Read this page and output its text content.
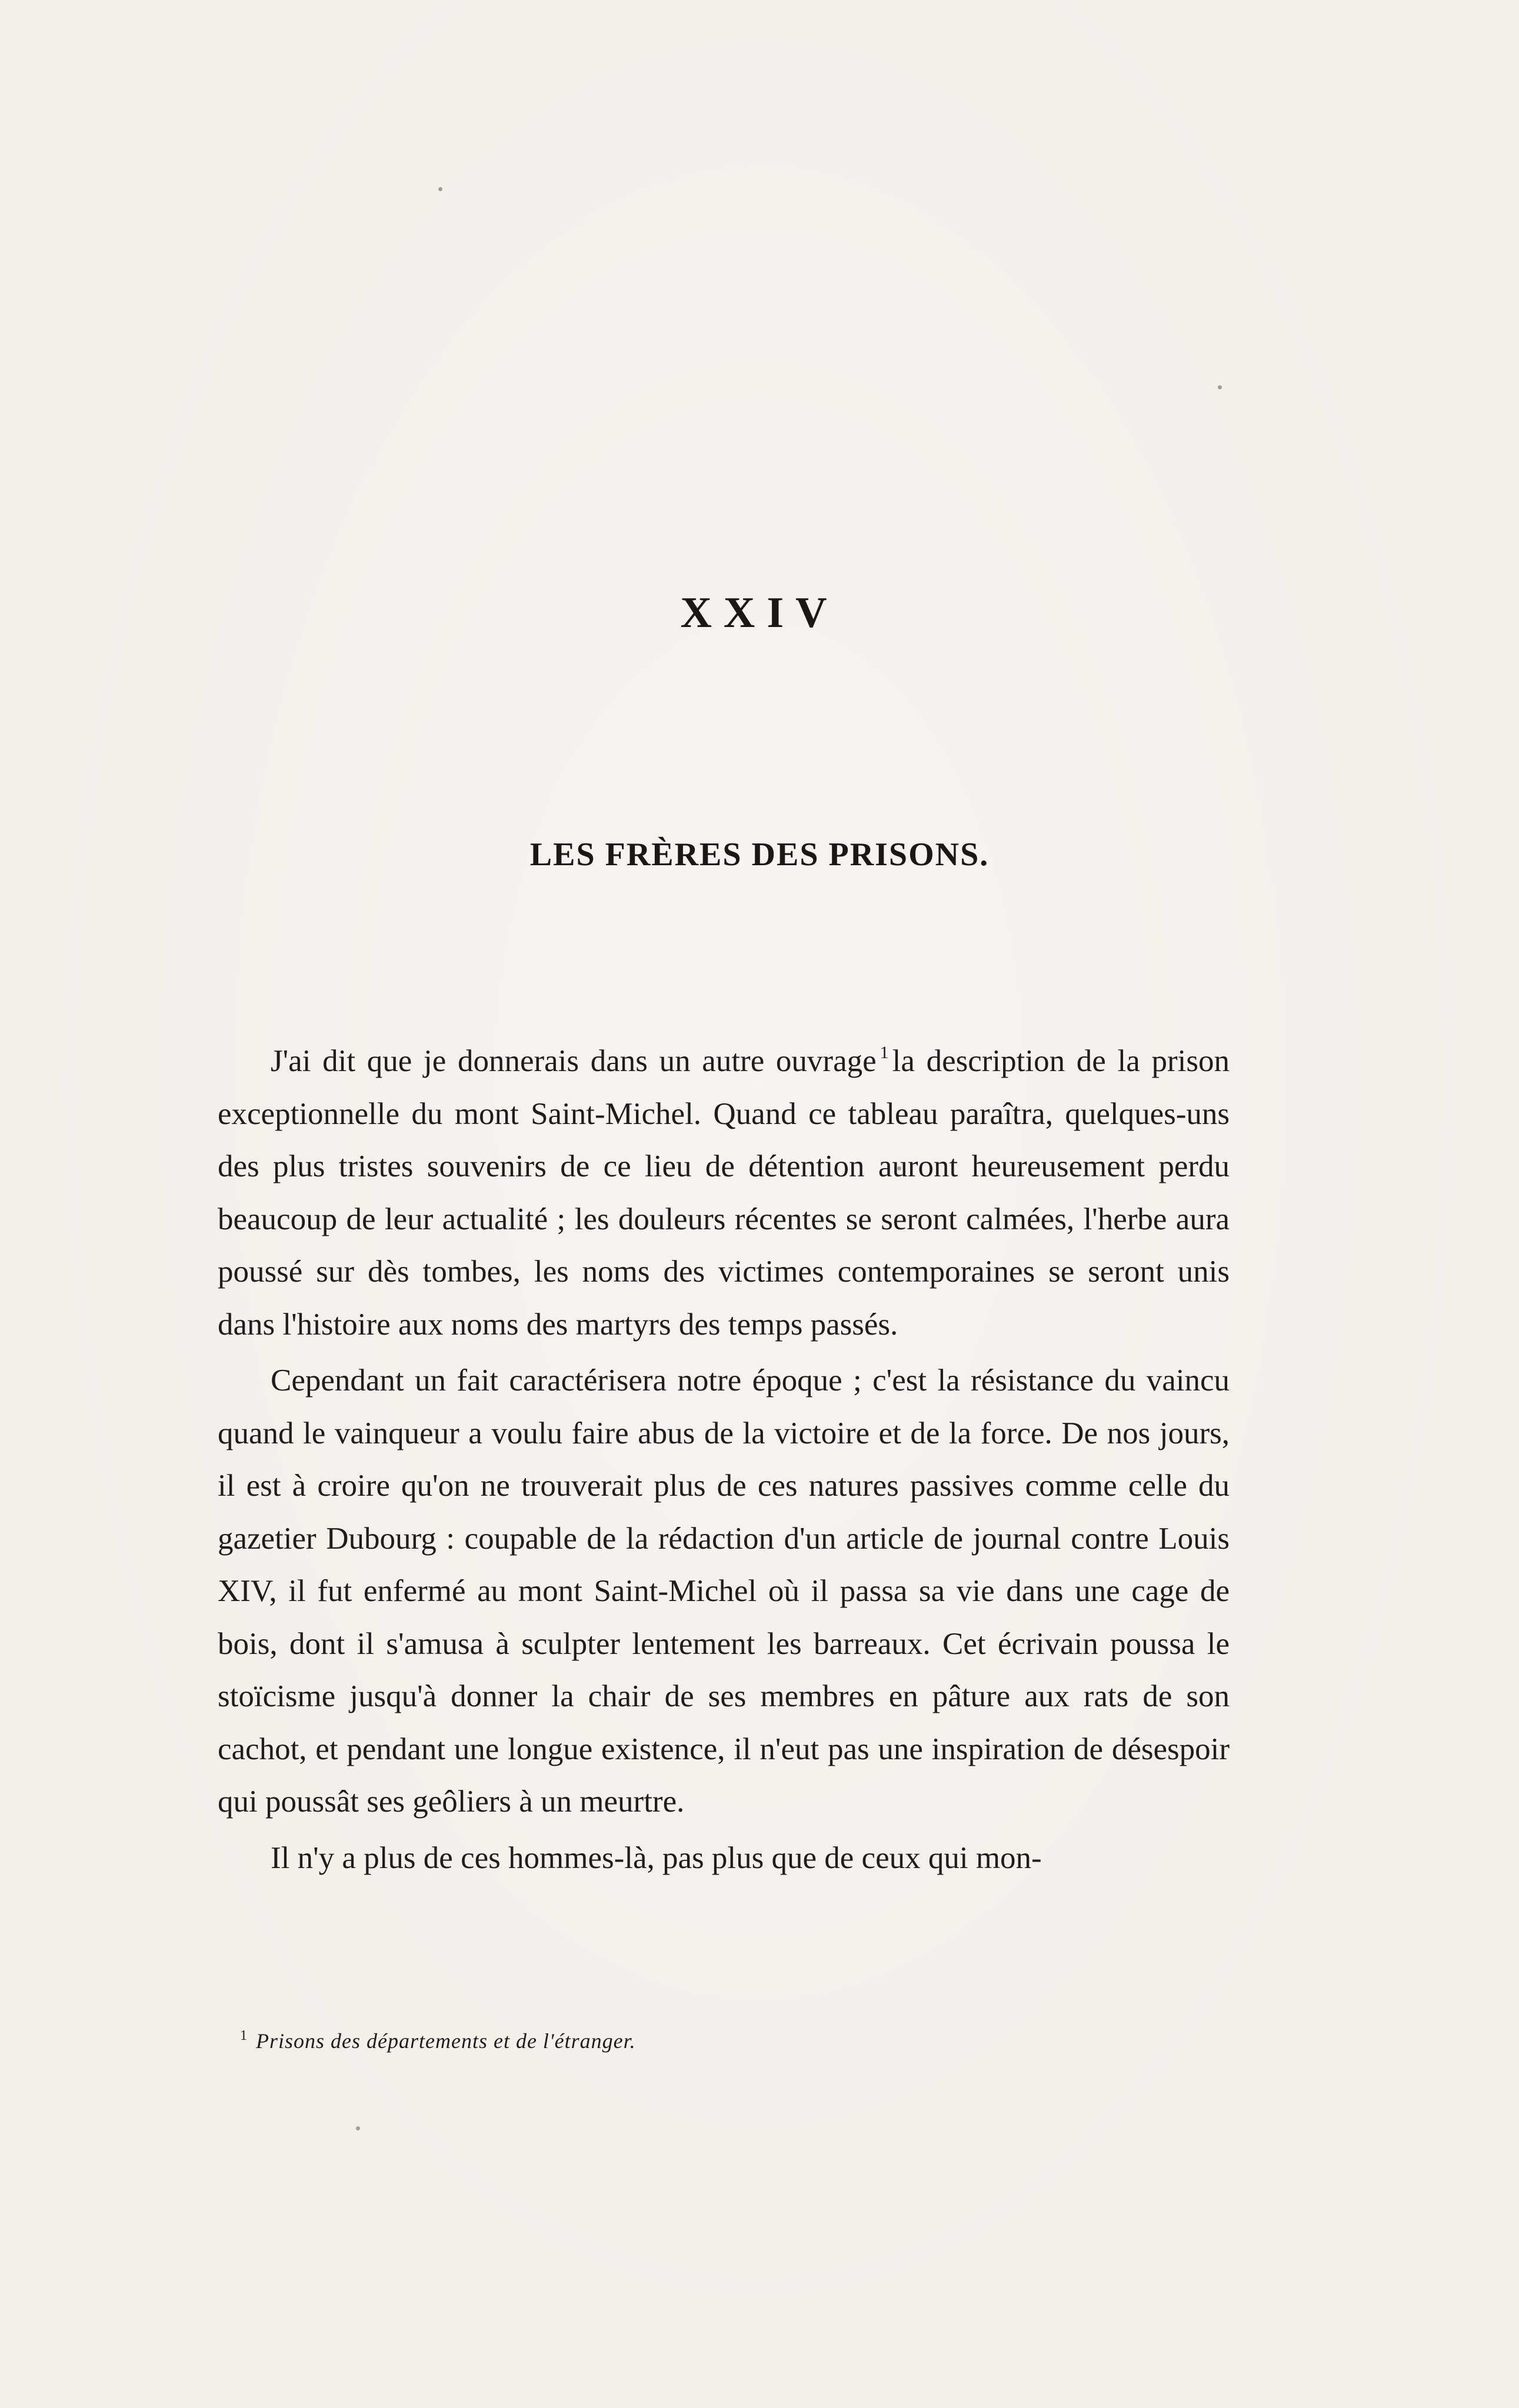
XXIV
LES FRÈRES DES PRISONS.

J'ai dit que je donnerais dans un autre ouvrage $^1$ la description de la prison exceptionnelle du mont Saint-Michel. Quand ce tableau paraîtra, quelques-uns des plus tristes souvenirs de ce lieu de détention auront heureusement perdu beaucoup de leur actualité ; les douleurs récentes se seront calmées, l'herbe aura poussé sur dès tombes, les noms des victimes contemporaines se seront unis dans l'histoire aux noms des martyrs des temps passés.

Cependant un fait caractérisera notre époque ; c'est la résistance du vaincu quand le vainqueur a voulu faire abus de la victoire et de la force. De nos jours, il est à croire qu'on ne trouverait plus de ces natures passives comme celle du gazetier Dubourg : coupable de la rédaction d'un article de journal contre Louis XIV, il fut enfermé au mont Saint-Michel où il passa sa vie dans une cage de bois, dont il s'amusa à sculpter lentement les barreaux. Cet écrivain poussa le stoïcisme jusqu'à donner la chair de ses membres en pâture aux rats de son cachot, et pendant une longue existence, il n'eut pas une inspiration de désespoir qui poussât ses geôliers à un meurtre.

Il n'y a plus de ces hommes-là, pas plus que de ceux qui mon-

$^1$ Prisons des départements et de l'étranger.
